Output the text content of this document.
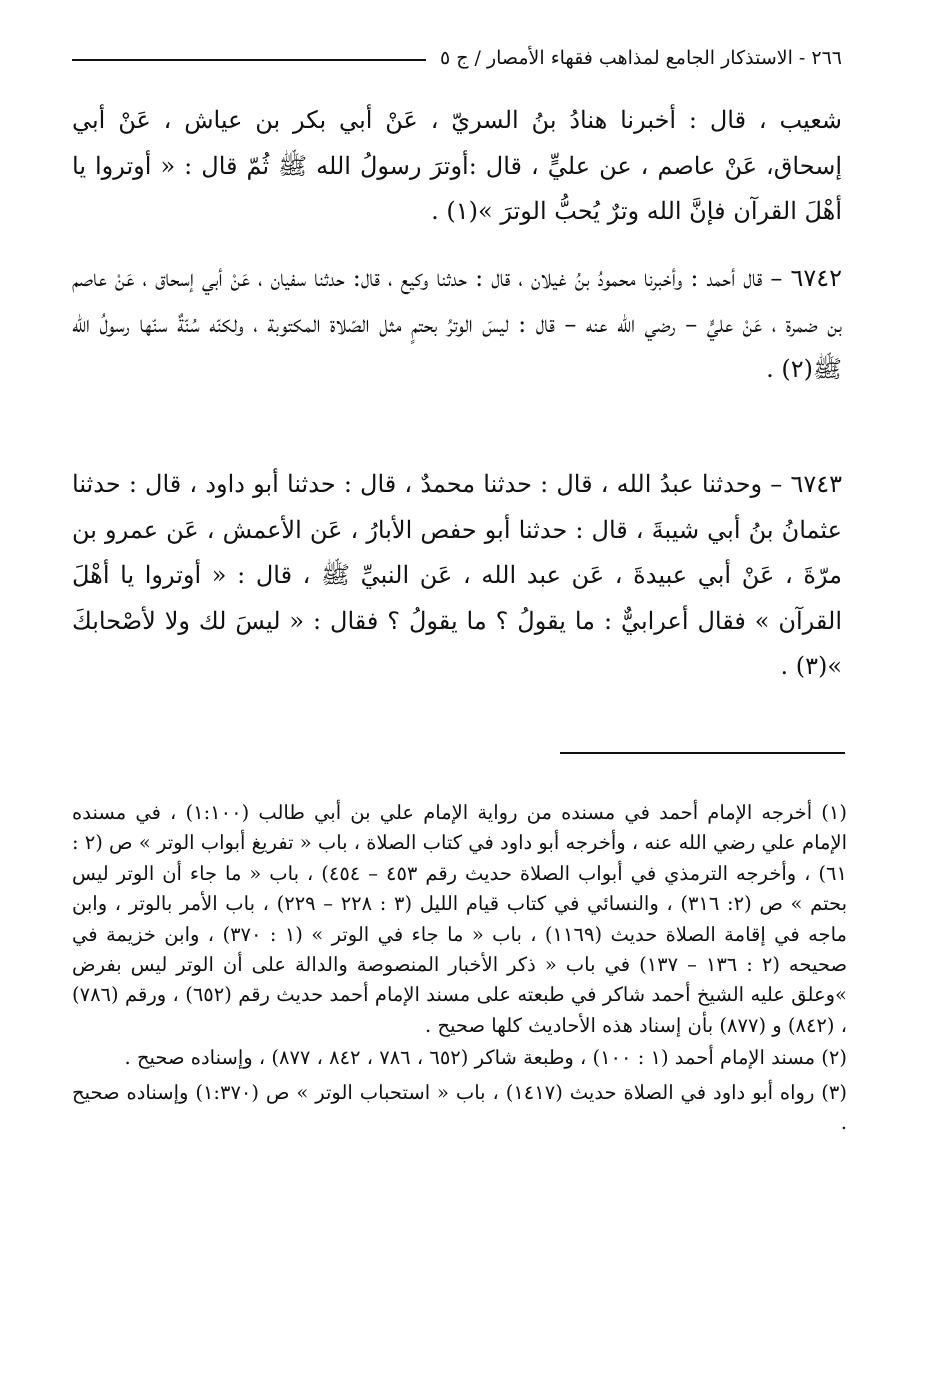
٢٦٦ - الاستذكار الجامع لمذاهب فقهاء الأمصار / ج ٥

شعيب ، قال : أخبرنا هنادُ بنُ السريّ ، عَنْ أبي بكر بن عياش ، عَنْ أبي إسحاق، عَنْ عاصم ، عن عليٍّ ، قال :أوترَ رسولُ الله ﷺ ثُمّ قال : « أوتروا يا أهْلَ القرآن فإنَّ الله وترٌ يُحبُّ الوترَ »(١) .

٦٧٤٢ – قال أحمد : وأخبرنا محمودُ بنُ غيلان ، قال : حدثنا وكيع ، قال: حدثنا سفيان ، عَنْ أبي إسحاق ، عَنْ عاصم بن ضمرة ، عَنْ عليٍّ – رضي الله عنه – قال : ليسَ الوترُ بحتمٍ مثل الصّلاة المكتوبة ، ولكنّه سُنّةٌ سنّها رسولُ الله ﷺ(٢) .

٦٧٤٣ – وحدثنا عبدُ الله ، قال : حدثنا محمدٌ ، قال : حدثنا أبو داود ، قال : حدثنا عثمانُ بنُ أبي شيبةَ ، قال : حدثنا أبو حفص الأبارُ ، عَن الأعمش ، عَن عمرو بن مرّةَ ، عَنْ أبي عبيدةَ ، عَن عبد الله ، عَن النبيِّ ﷺ ، قال : « أوتروا يا أهْلَ القرآن » فقال أعرابيٌّ : ما يقولُ ؟ ما يقولُ ؟ فقال : « ليسَ لك ولا لأصْحابكَ »(٣) .

(١) أخرجه الإمام أحمد في مسنده من رواية الإمام علي بن أبي طالب (١:١٠٠) ، في مسنده الإمام علي رضي الله عنه ، وأخرجه أبو داود في كتاب الصلاة ، باب « تفريغ أبواب الوتر » ص (٢ : ٦١) ، وأخرجه الترمذي في أبواب الصلاة حديث رقم ٤٥٣ – ٤٥٤) ، باب « ما جاء أن الوتر ليس بحتم » ص (٢: ٣١٦) ، والنسائي في كتاب قيام الليل (٣ : ٢٢٨ – ٢٢٩) ، باب الأمر بالوتر ، وابن ماجه في إقامة الصلاة حديث (١١٦٩) ، باب « ما جاء في الوتر » (١ : ٣٧٠) ، وابن خزيمة في صحيحه (٢ : ١٣٦ – ١٣٧) في باب « ذكر الأخبار المنصوصة والدالة على أن الوتر ليس بفرض »وعلق عليه الشيخ أحمد شاكر في طبعته على مسند الإمام أحمد حديث رقم (٦٥٢) ، ورقم (٧٨٦) ، (٨٤٢) و (٨٧٧) بأن إسناد هذه الأحاديث كلها صحيح .

(٢) مسند الإمام أحمد (١ : ١٠٠) ، وطبعة شاكر (٦٥٢ ، ٧٨٦ ، ٨٤٢ ، ٨٧٧) ، وإسناده صحيح .

(٣) رواه أبو داود في الصلاة حديث (١٤١٧) ، باب « استحباب الوتر » ص (١:٣٧٠) وإسناده صحيح .
